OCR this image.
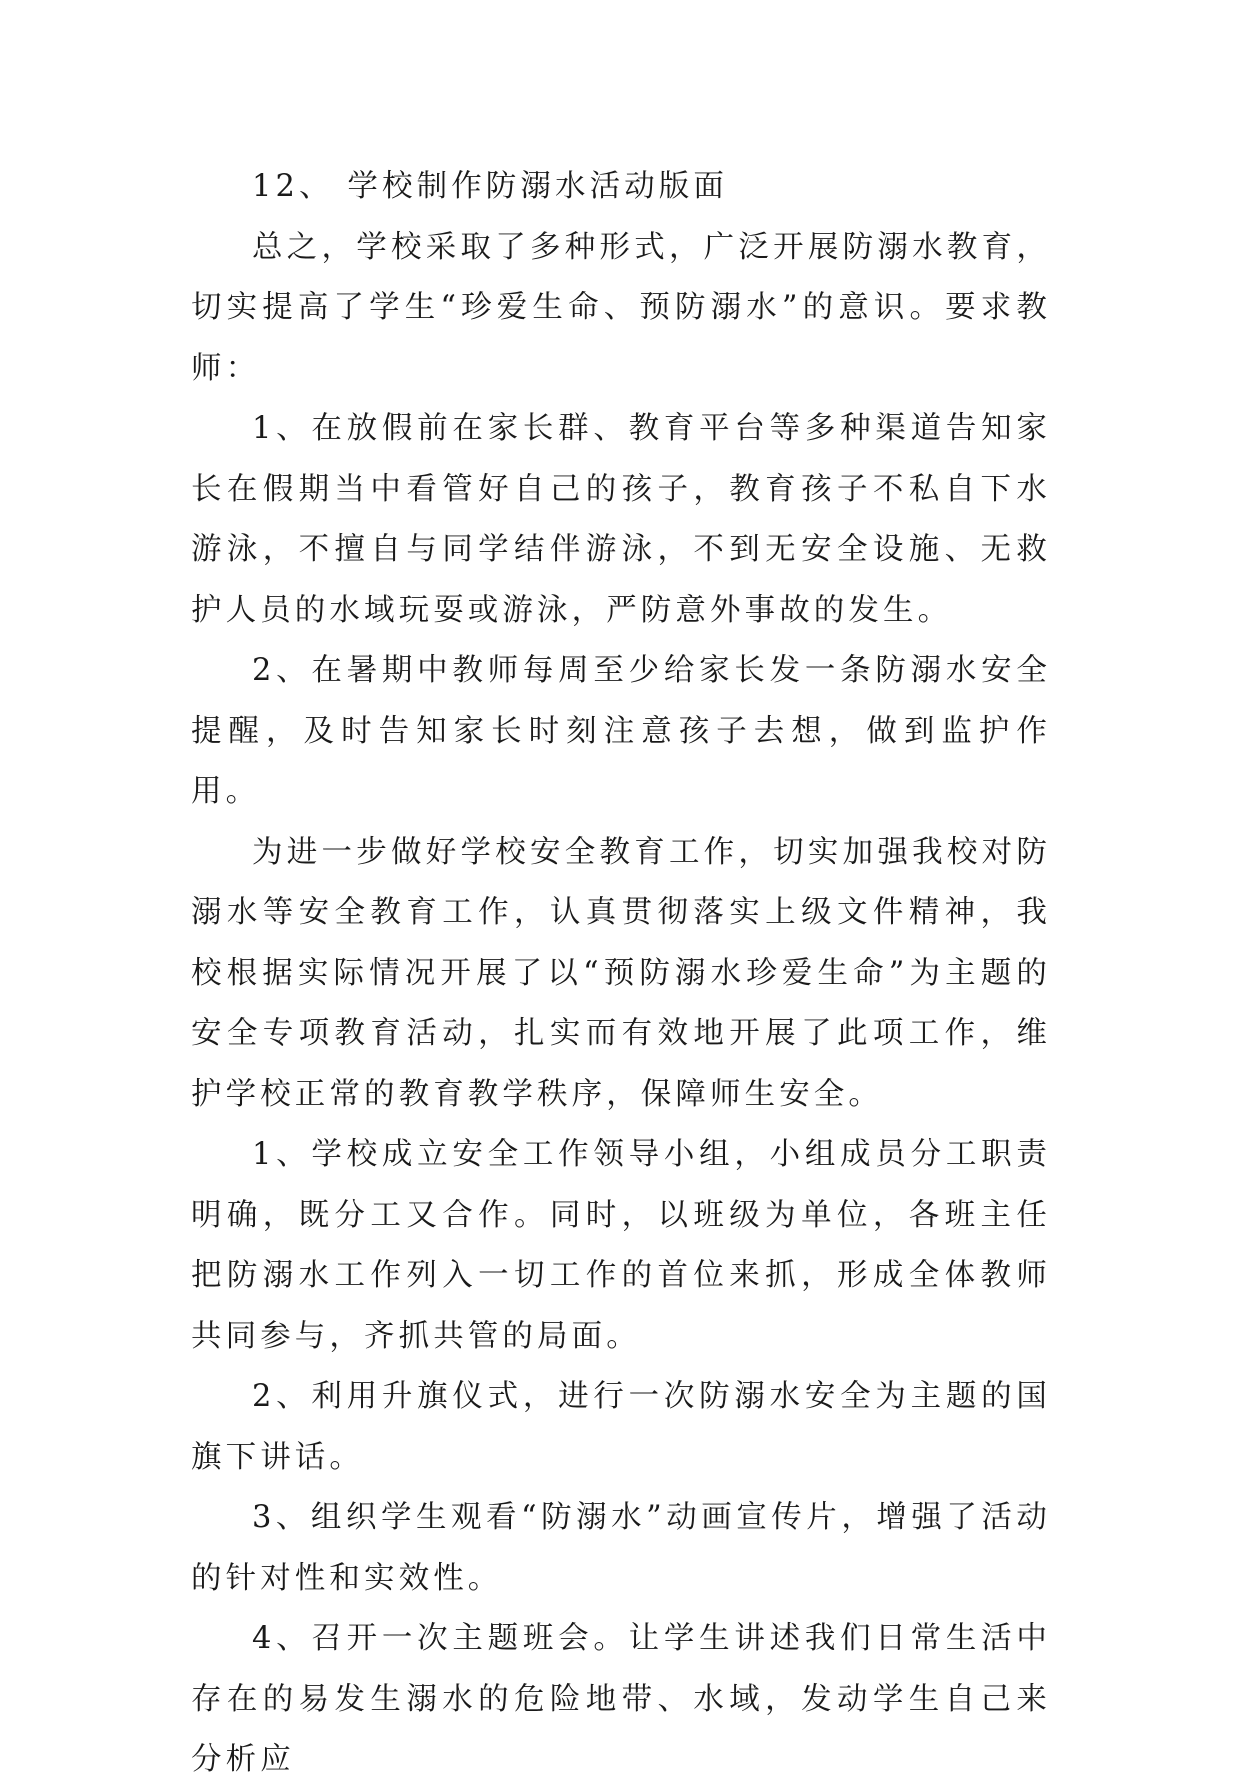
12、 学校制作防溺水活动版面

总之，学校采取了多种形式，广泛开展防溺水教育，切实提高了学生“珍爱生命、预防溺水”的意识。要求教师：

1、在放假前在家长群、教育平台等多种渠道告知家长在假期当中看管好自己的孩子，教育孩子不私自下水游泳，不擅自与同学结伴游泳，不到无安全设施、无救护人员的水域玩耍或游泳，严防意外事故的发生。

2、在暑期中教师每周至少给家长发一条防溺水安全提醒，及时告知家长时刻注意孩子去想，做到监护作用。

为进一步做好学校安全教育工作，切实加强我校对防溺水等安全教育工作，认真贯彻落实上级文件精神，我校根据实际情况开展了以“预防溺水珍爱生命”为主题的安全专项教育活动，扎实而有效地开展了此项工作，维护学校正常的教育教学秩序，保障师生安全。

1、学校成立安全工作领导小组，小组成员分工职责明确，既分工又合作。同时，以班级为单位，各班主任把防溺水工作列入一切工作的首位来抓，形成全体教师共同参与，齐抓共管的局面。

2、利用升旗仪式，进行一次防溺水安全为主题的国旗下讲话。

3、组织学生观看“防溺水”动画宣传片，增强了活动的针对性和实效性。

4、召开一次主题班会。让学生讲述我们日常生活中存在的易发生溺水的危险地带、水域，发动学生自己来分析应
